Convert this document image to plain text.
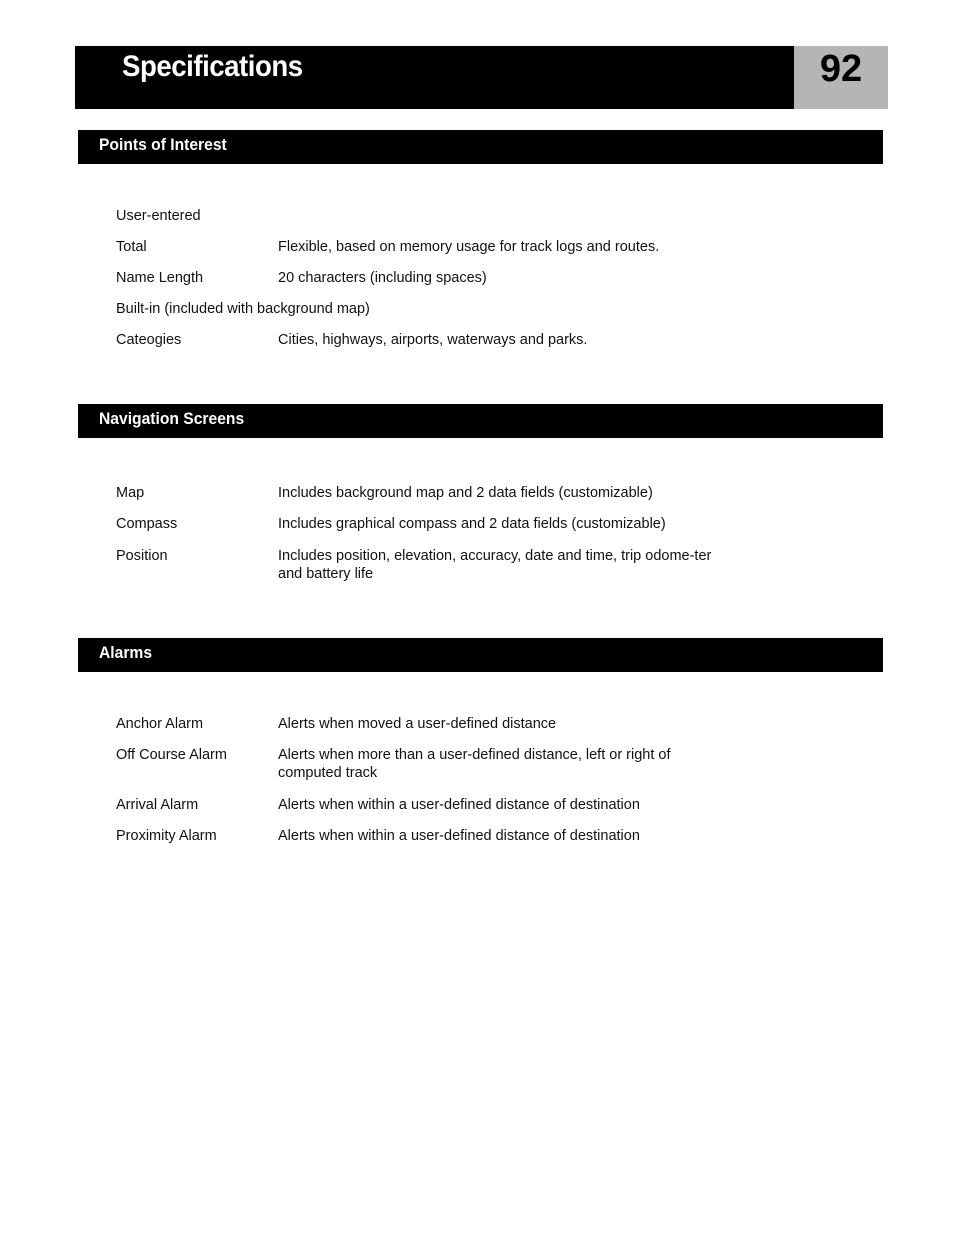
Specifications	92
Points of Interest
User-entered
Total	Flexible, based on memory usage for track logs and routes.
Name Length	20 characters (including spaces)
Built-in (included with background map)
Cateogies	Cities, highways, airports, waterways and parks.
Navigation Screens
Map	Includes background map and 2 data fields (customizable)
Compass	Includes graphical compass and 2 data fields (customizable)
Position	Includes position, elevation, accuracy, date and time, trip odome-ter and battery life
Alarms
Anchor Alarm	Alerts when moved a user-defined distance
Off Course Alarm	Alerts when more than a user-defined distance, left or right of computed track
Arrival Alarm	Alerts when within a user-defined distance of destination
Proximity Alarm	Alerts when within a user-defined distance of destination
